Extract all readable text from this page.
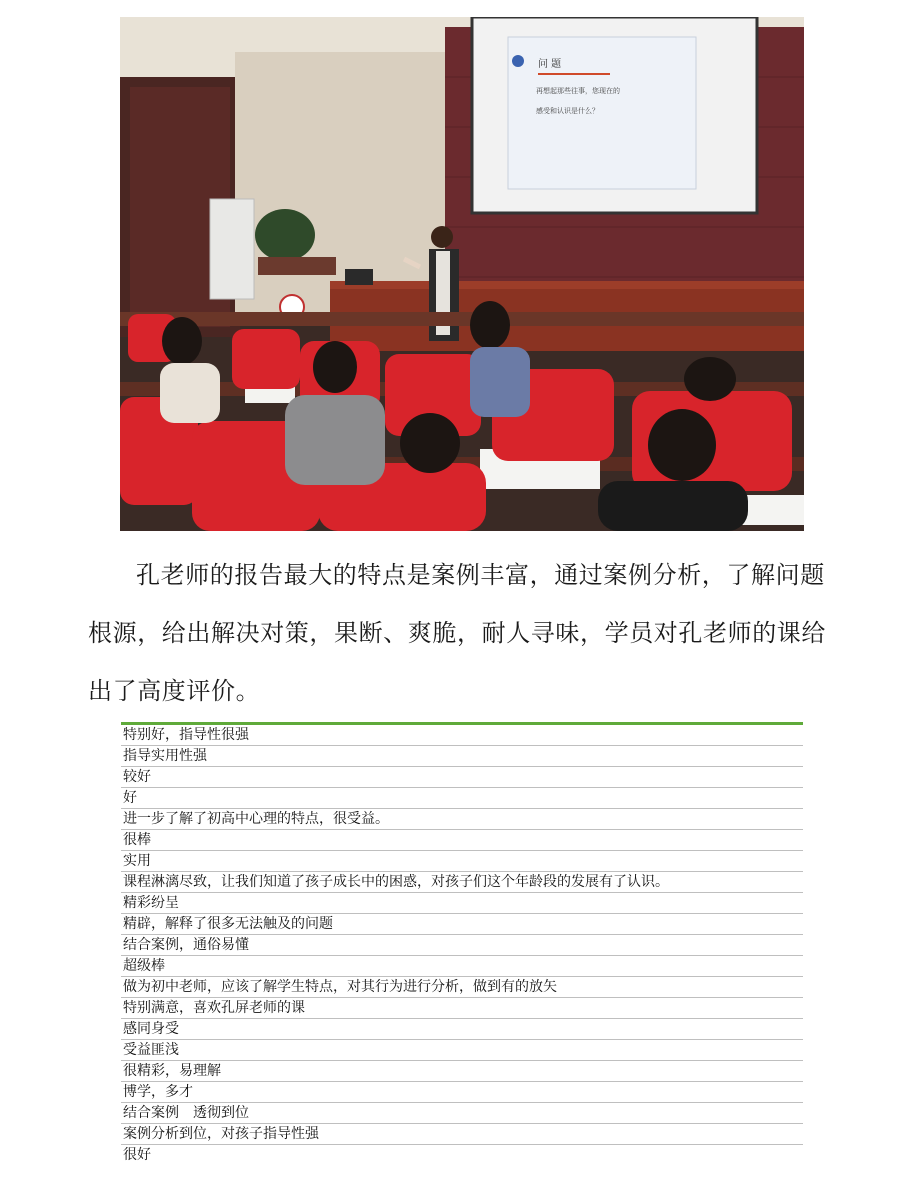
问 题
再想起那些往事，您现在的
感受和认识是什么？

孔老师的报告最大的特点是案例丰富，通过案例分析，了解问题根源，给出解决对策，果断、爽脆，耐人寻味，学员对孔老师的课给出了高度评价。

特别好，指导性很强
指导实用性强
较好
好
进一步了解了初高中心理的特点，很受益。
很棒
实用
课程淋漓尽致，让我们知道了孩子成长中的困惑，对孩子们这个年龄段的发展有了认识。
精彩纷呈
精辟，解释了很多无法触及的问题
结合案例，通俗易懂
超级棒
做为初中老师，应该了解学生特点，对其行为进行分析，做到有的放矢
特别满意，喜欢孔屏老师的课
感同身受
受益匪浅
很精彩，易理解
博学，多才
结合案例　透彻到位
案例分析到位，对孩子指导性强
很好
